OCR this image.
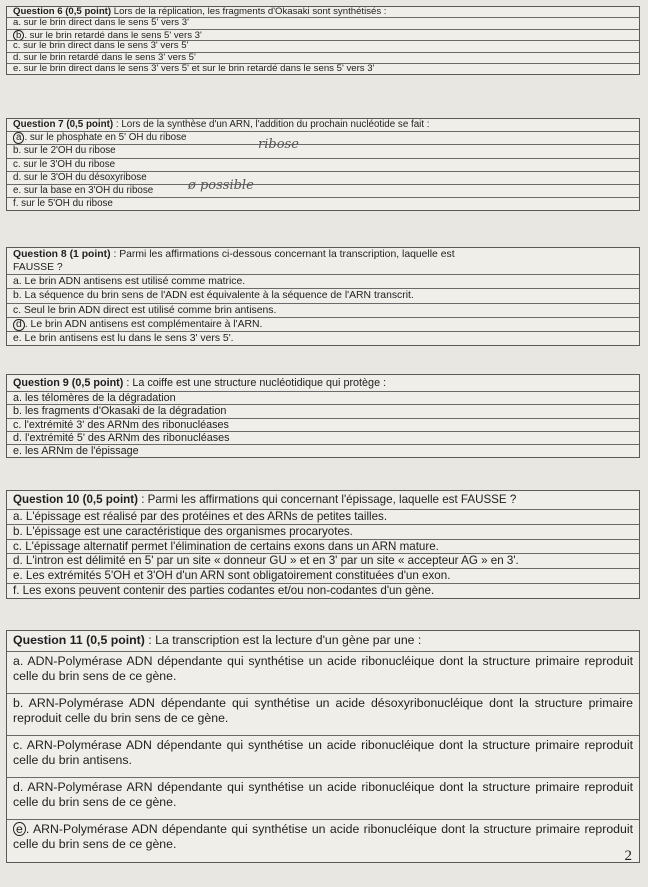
Question 6 (0,5 point) Lors de la réplication, les fragments d'Okasaki sont synthétisés :
a. sur le brin direct dans le sens 5' vers 3'
b . sur le brin retardé dans le sens 5' vers 3'
c. sur le brin direct dans le sens 3' vers 5'
d. sur le brin retardé dans le sens 3' vers 5'
e. sur le brin direct dans le sens 3' vers 5' et sur le brin retardé dans le sens 5' vers 3'
Question 7 (0,5 point) : Lors de la synthèse d'un ARN, l'addition du prochain nucléotide se fait :
a . sur le phosphate en 5' OH du ribose
b. sur le 2'OH du ribose
c. sur le 3'OH du ribose
d. sur le 3'OH du désoxyribose
e. sur la base en 3'OH du ribose
f. sur le 5'OH du ribose
ribose
ø possible
Question 8 (1 point) : Parmi les affirmations ci-dessous concernant la transcription, laquelle est
FAUSSE ?
a. Le brin ADN antisens est utilisé comme matrice.
b. La séquence du brin sens de l'ADN est équivalente à la séquence de l'ARN transcrit.
c. Seul le brin ADN direct est utilisé comme brin antisens.
d . Le brin ADN antisens est complémentaire à l'ARN.
e. Le brin antisens est lu dans le sens 3' vers 5'.
Question 9 (0,5 point) : La coiffe est une structure nucléotidique qui protège :
a. les télomères de la dégradation
b. les fragments d'Okasaki de la dégradation
c. l'extrémité 3' des ARNm des ribonucléases
d. l'extrémité 5' des ARNm des ribonucléases
e. les ARNm de l'épissage
Question 10 (0,5 point) : Parmi les affirmations qui concernant l'épissage, laquelle est FAUSSE ?
a. L'épissage est réalisé par des protéines et des ARNs de petites tailles.
b. L'épissage est une caractéristique des organismes procaryotes.
c. L'épissage alternatif permet l'élimination de certains exons dans un ARN mature.
d. L'intron est délimité en 5' par un site « donneur GU » et en 3' par un site « accepteur AG » en 3'.
e. Les extrémités 5'OH et 3'OH d'un ARN sont obligatoirement constituées d'un exon.
f. Les exons peuvent contenir des parties codantes et/ou non-codantes d'un gène.
Question 11 (0,5 point) : La transcription est la lecture d'un gène par une :
a. ADN-Polymérase ADN dépendante qui synthétise un acide ribonucléique dont la structure primaire reproduit celle du brin sens de ce gène.
b. ARN-Polymérase ADN dépendante qui synthétise un acide désoxyribonucléique dont la structure primaire reproduit celle du brin sens de ce gène.
c. ARN-Polymérase ADN dépendante qui synthétise un acide ribonucléique dont la structure primaire reproduit celle du brin antisens.
d. ARN-Polymérase ARN dépendante qui synthétise un acide ribonucléique dont la structure primaire reproduit celle du brin sens de ce gène.
e . ARN-Polymérase ADN dépendante qui synthétise un acide ribonucléique dont la structure primaire reproduit celle du brin sens de ce gène.
2
